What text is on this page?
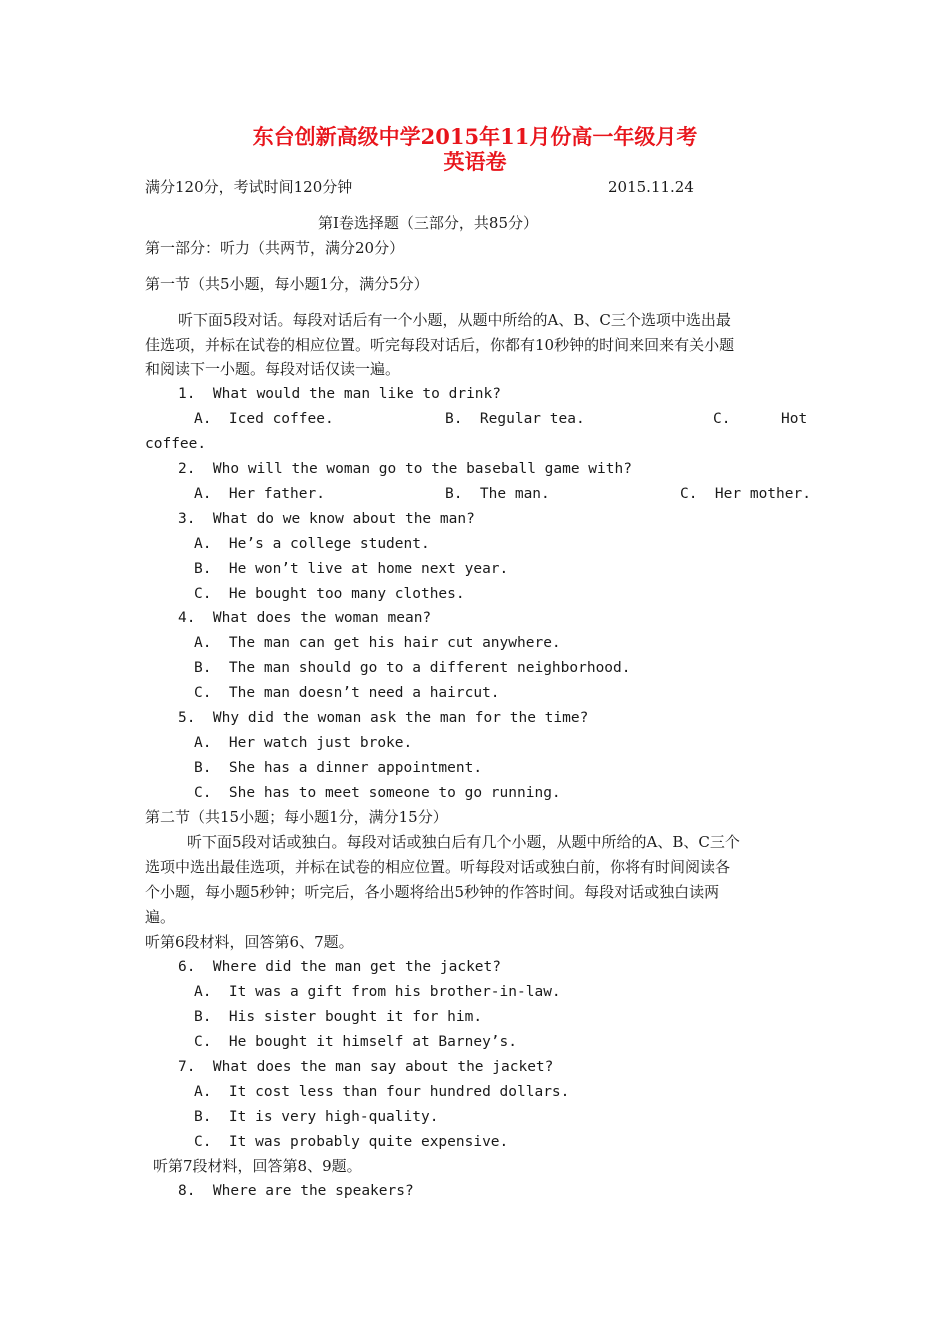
东台创新高级中学2015年11月份高一年级月考
英语卷
满分120分，考试时间120分钟	2015.11.24
第I卷选择题（三部分，共85分）
第一部分：听力（共两节，满分20分）
第一节（共5小题，每小题1分，满分5分）
听下面5段对话。每段对话后有一个小题，从题中所给的A、B、C三个选项中选出最
佳选项，并标在试卷的相应位置。听完每段对话后，你都有10秒钟的时间来回来有关小题
和阅读下一小题。每段对话仅读一遍。
1.  What would the man like to drink?
A.  Iced coffee.	B.  Regular tea.	C.	Hot
coffee.
2.  Who will the woman go to the baseball game with?
A.  Her father.	B.  The man.	C.  Her mother.
3.  What do we know about the man?
A.  He’s a college student.
B.  He won’t live at home next year.
C.  He bought too many clothes.
4.  What does the woman mean?
A.  The man can get his hair cut anywhere.
B.  The man should go to a different neighborhood.
C.  The man doesn’t need a haircut.
5.  Why did the woman ask the man for the time?
A.  Her watch just broke.
B.  She has a dinner appointment.
C.  She has to meet someone to go running.
第二节（共15小题；每小题1分，满分15分）
听下面5段对话或独白。每段对话或独白后有几个小题，从题中所给的A、B、C三个
选项中选出最佳选项，并标在试卷的相应位置。听每段对话或独白前，你将有时间阅读各
个小题，每小题5秒钟；听完后，各小题将给出5秒钟的作答时间。每段对话或独白读两
遍。
听第6段材料，回答第6、7题。
6.  Where did the man get the jacket?
A.  It was a gift from his brother-in-law.
B.  His sister bought it for him.
C.  He bought it himself at Barney’s.
7.  What does the man say about the jacket?
A.  It cost less than four hundred dollars.
B.  It is very high-quality.
C.  It was probably quite expensive.
听第7段材料，回答第8、9题。
8.  Where are the speakers?
